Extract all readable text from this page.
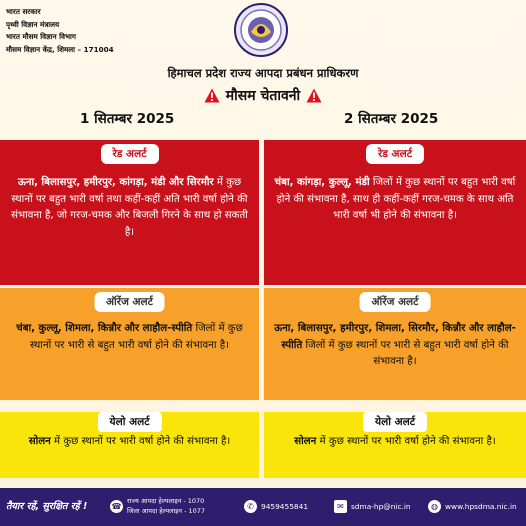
भारत सरकार
पृथ्वी विज्ञान मंत्रालय
भारत मौसम विज्ञान विभाग
मौसम विज्ञान केंद्र, शिमला – 171004
हिमाचल प्रदेश राज्य आपदा प्रबंधन प्राधिकरण
मौसम चेतावनी
1 सितम्बर 2025	2 सितम्बर 2025
रेड अलर्ट
ऊना, बिलासपुर, हमीरपुर, कांगड़ा, मंडी और सिरमौर में कुछ स्थानों पर बहुत भारी वर्षा तथा कहीं-कहीं अति भारी वर्षा होने की संभावना है, जो गरज-चमक और बिजली गिरने के साथ हो सकती है।
रेड अलर्ट
चंबा, कांगड़ा, कुल्लू, मंडी जिलों में कुछ स्थानों पर बहुत भारी वर्षा होने की संभावना है, साथ ही कहीं-कहीं गरज-चमक के साथ अति भारी वर्षा भी होने की संभावना है।
ऑरेंज अलर्ट
चंबा, कुल्लू, शिमला, किन्नौर और लाहौल-स्पीति जिलों में कुछ स्थानों पर भारी से बहुत भारी वर्षा होने की संभावना है।
ऑरेंज अलर्ट
ऊना, बिलासपुर, हमीरपुर, शिमला, सिरमौर, किन्नौर और लाहौल-स्पीति जिलों में कुछ स्थानों पर भारी से बहुत भारी वर्षा होने की संभावना है।
येलो अलर्ट
सोलन में कुछ स्थानों पर भारी वर्षा होने की संभावना है।
येलो अलर्ट
सोलन में कुछ स्थानों पर भारी वर्षा होने की संभावना है।
तैयार रहें, सुरक्षित रहें !	☎
राज्य आपदा हेल्पलाइन - 1070
जिला आपदा हेल्पलाइन - 1077	✆ 9459455841	✉ sdma-hp@nic.in	◍ www.hpsdma.nic.in
